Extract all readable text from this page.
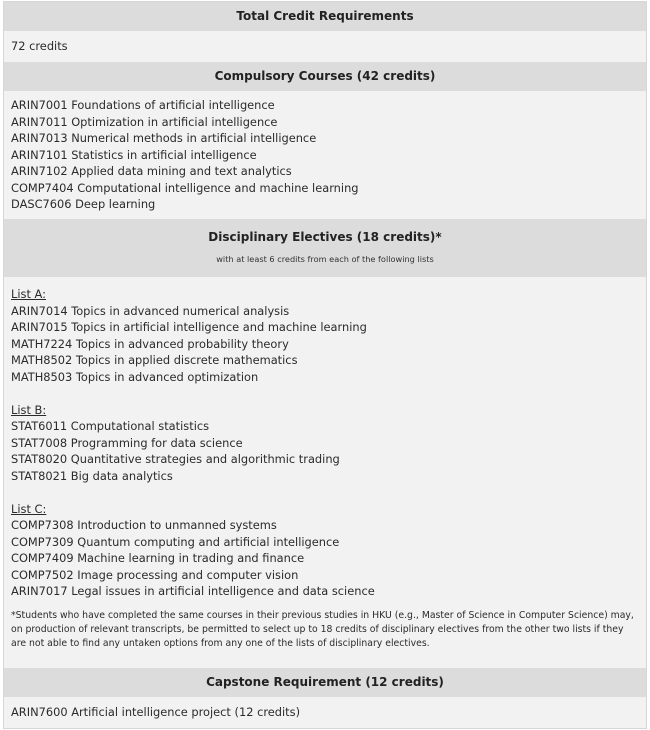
Total Credit Requirements
72 credits
Compulsory Courses (42 credits)
ARIN7001 Foundations of artificial intelligence
ARIN7011 Optimization in artificial intelligence
ARIN7013 Numerical methods in artificial intelligence
ARIN7101 Statistics in artificial intelligence
ARIN7102 Applied data mining and text analytics
COMP7404 Computational intelligence and machine learning
DASC7606 Deep learning
Disciplinary Electives (18 credits)*
with at least 6 credits from each of the following lists
List A:
ARIN7014 Topics in advanced numerical analysis
ARIN7015 Topics in artificial intelligence and machine learning
MATH7224 Topics in advanced probability theory
MATH8502 Topics in applied discrete mathematics
MATH8503 Topics in advanced optimization
List B:
STAT6011 Computational statistics
STAT7008 Programming for data science
STAT8020 Quantitative strategies and algorithmic trading
STAT8021 Big data analytics
List C:
COMP7308 Introduction to unmanned systems
COMP7309 Quantum computing and artificial intelligence
COMP7409 Machine learning in trading and finance
COMP7502 Image processing and computer vision
ARIN7017 Legal issues in artificial intelligence and data science
*Students who have completed the same courses in their previous studies in HKU (e.g., Master of Science in Computer Science) may, on production of relevant transcripts, be permitted to select up to 18 credits of disciplinary electives from the other two lists if they are not able to find any untaken options from any one of the lists of disciplinary electives.
Capstone Requirement (12 credits)
ARIN7600 Artificial intelligence project (12 credits)
